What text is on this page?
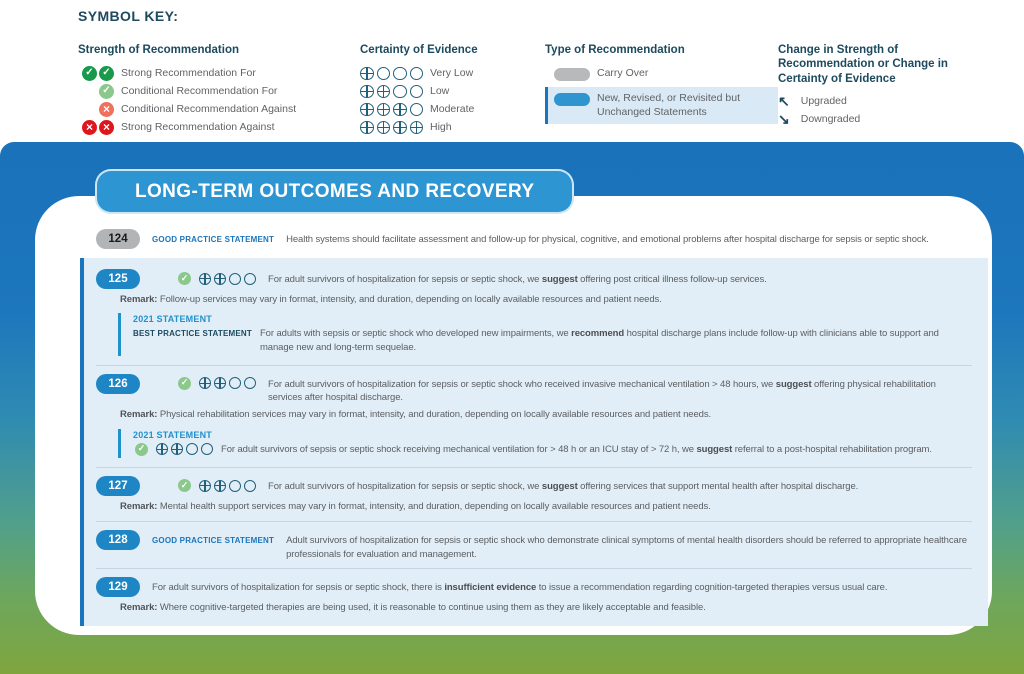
SYMBOL KEY:
Strength of Recommendation
✓ ✓ Strong Recommendation For
✓ Conditional Recommendation For
×	Conditional Recommendation Against
× ×	Strong Recommendation Against
Certainty of Evidence
Very Low
Low
Moderate
High
Type of Recommendation
Carry Over
New, Revised, or Revisited but Unchanged Statements
Change in Strength of Recommendation or Change in Certainty of Evidence
↖ Upgraded
↘ Downgraded
LONG-TERM OUTCOMES AND RECOVERY
124	GOOD PRACTICE STATEMENT Health systems should facilitate assessment and follow-up for physical, cognitive, and emotional problems after hospital discharge for sepsis or septic shock.
125	✓	For adult survivors of hospitalization for sepsis or septic shock, we suggest offering post critical illness follow-up services.
Remark: Follow-up services may vary in format, intensity, and duration, depending on locally available resources and patient needs.
2021 STATEMENT
BEST PRACTICE STATEMENT For adults with sepsis or septic shock who developed new impairments, we recommend hospital discharge plans include follow-up with clinicians able to support and manage new and long-term sequelae.
126	✓	For adult survivors of hospitalization for sepsis or septic shock who received invasive mechanical ventilation > 48 hours, we suggest offering physical rehabilitation services after hospital discharge.
Remark: Physical rehabilitation services may vary in format, intensity, and duration, depending on locally available resources and patient needs.
2021 STATEMENT
✓	For adult survivors of sepsis or septic shock receiving mechanical ventilation for > 48 h or an ICU stay of > 72 h, we suggest referral to a post-hospital rehabilitation program.
127	✓	For adult survivors of hospitalization for sepsis or septic shock, we suggest offering services that support mental health after hospital discharge.
Remark: Mental health support services may vary in format, intensity, and duration, depending on locally available resources and patient needs.
128	GOOD PRACTICE STATEMENT Adult survivors of hospitalization for sepsis or septic shock who demonstrate clinical symptoms of mental health disorders should be referred to appropriate healthcare professionals for evaluation and management.
129	For adult survivors of hospitalization for sepsis or septic shock, there is insufficient evidence to issue a recommendation regarding cognition-targeted therapies versus usual care.
Remark: Where cognitive-targeted therapies are being used, it is reasonable to continue using them as they are likely acceptable and feasible.
